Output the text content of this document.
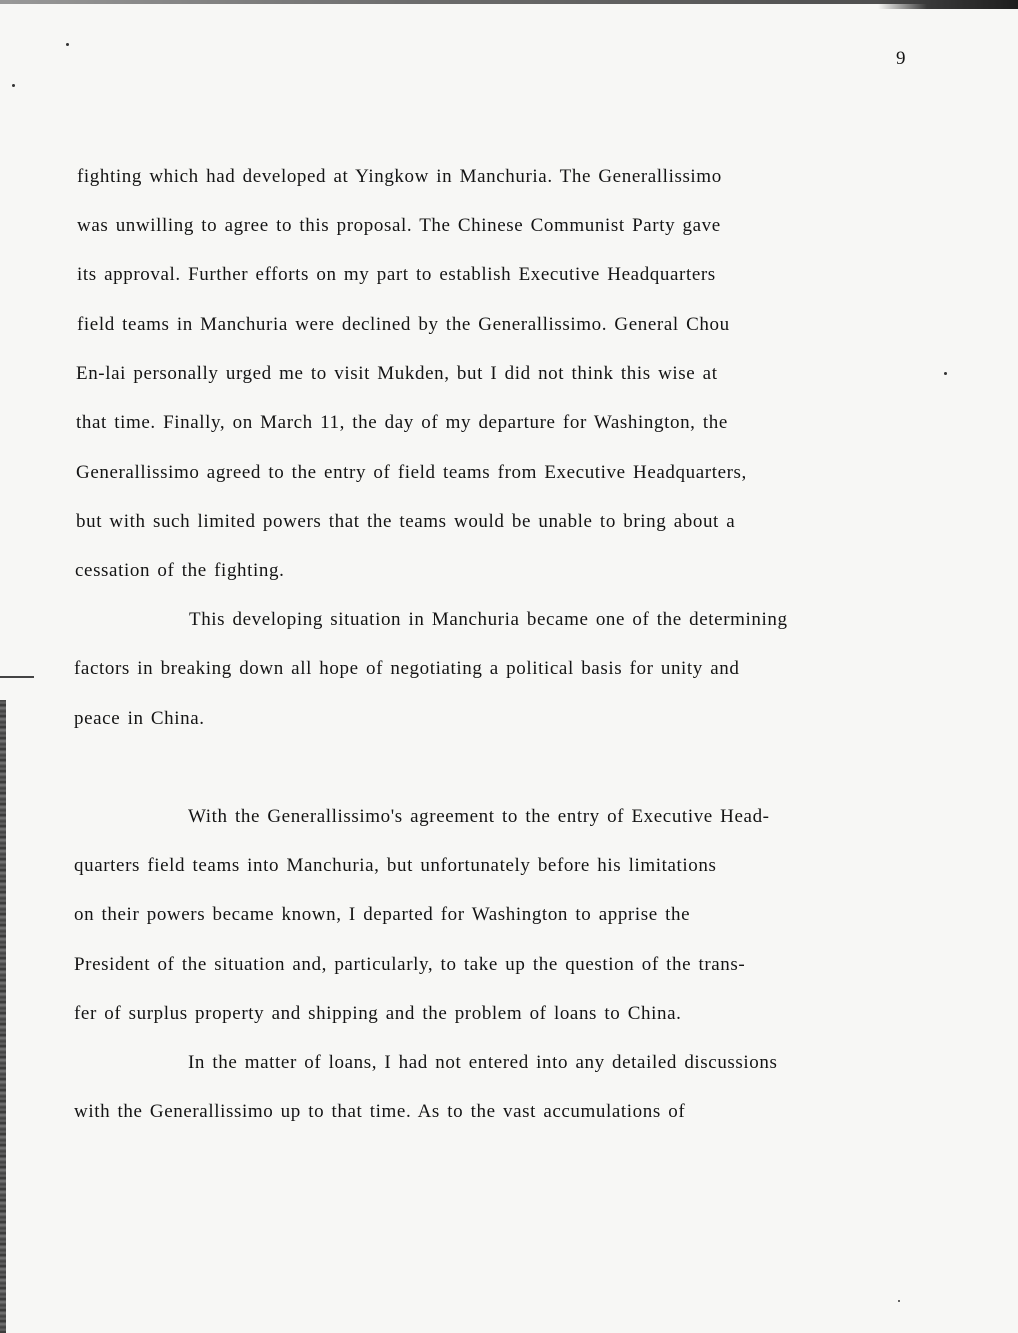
9
fighting which had developed at Yingkow in Manchuria. The Generallissimo
was unwilling to agree to this proposal. The Chinese Communist Party gave
its approval. Further efforts on my part to establish Executive Headquarters
field teams in Manchuria were declined by the Generallissimo. General Chou
En-lai personally urged me to visit Mukden, but I did not think this wise at
that time. Finally, on March 11, the day of my departure for Washington, the
Generallissimo agreed to the entry of field teams from Executive Headquarters,
but with such limited powers that the teams would be unable to bring about a
cessation of the fighting.
This developing situation in Manchuria became one of the determining
factors in breaking down all hope of negotiating a political basis for unity and
peace in China.
With the Generallissimo's agreement to the entry of Executive Head-
quarters field teams into Manchuria, but unfortunately before his limitations
on their powers became known, I departed for Washington to apprise the
President of the situation and, particularly, to take up the question of the trans-
fer of surplus property and shipping and the problem of loans to China.
In the matter of loans, I had not entered into any detailed discussions
with the Generallissimo up to that time. As to the vast accumulations of
